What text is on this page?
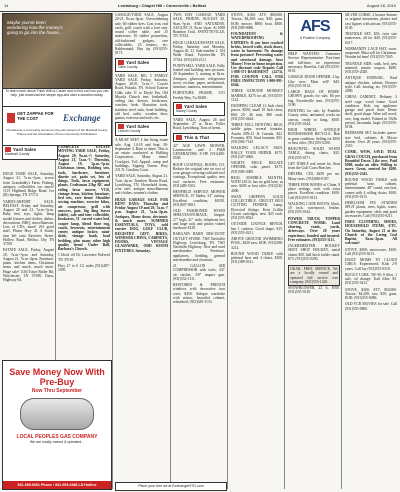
14	Lewisburg • Chapel Hill • Cornersville • Belfast	August 18, 2010
Maybe you've been wondering how the money's going to go into the house...
To learn more about Think With A Cause and to find out how you can help, just download the simple app and start a donation today.
GET ZAPPAK FOR THE COST	Exchange
Provided as a community service by the joint-owners of the Marshall County Tribune and the Association of Free Community Publications.
Yard Sales
Marshall County

HUGE YARD SALE, Saturday, August 21, 7a.m.-?p.m., across from Grandaddy's Farm. Fishing, antiques, collectibles too much! 1115 Highland Ridge Road. Ive (lll) Springs, TN 37174.

YARD/CARPORT SALE, BELFAST. Friday and Saturday, August 20 and 21, 7a.m.-?p.m. Baby bed, toys, lights, lamp model fixtures and clothes, dishes, decorations, BBQ, miscellaneous. Lots of CD's, more! 261 good stuff. Please Hwy 41 A South, turn left onto Eastview Street. Hollow Road, Belfast. Dry TN 37019.

ESTATE SALE, Friday, August 20, 7a.m.-?p.m. and Saturday, August 21, 7a.m.-4p.m. Furniture, piano, kitchen items, Christmas items and much, much more. Huge sale! 1104 Tottie Butler Rd, Winchester, TN 37398, Glass, Highway 64.

COMPLETE ESTATE MOVING YARD SALE, Friday, August 20, 8a.m.-?; Saturday, August 21, 7a.m.-?; Thursday, August 19, 1p.m.-?p.m. Christmas items, Bedding sets, tools, hardware, furniture, dinette set, patio set, lots of things. Tools, lawn equipment, plants, Craftsman 21hp RC and riding lawn mower, VCR, vintage items, kitchen furniture, bed sets, rare items! Shoulder sewing machine, exercise bikes, air compressor, grill with answers, gate, big ding leaves (table), sale and four collectible, bookcases, 31' carved water bed, cooper lamp, blend floor rug, couch, loveseats, entertainment center, antique locker, mini-skids, vintage bank, load bedding, plus many other high quality items! Under Ball, Barbara's Church.

1 block off Dr. Lawrence Bulverd TN 37010.

Hwy 27 to 6 1/2 miles (931)487-1095.

Save Money Now With Pre-Buy
Now Thru September
LOCAL PEOPLES GAS COMPANY
We are locally owned & operated...
931-659-6061 Phone • 931-993-0486 LD Hotline

GARAGE/YARD SALE, August 20-21, 8a.m.-4p.m. Overwhelming sale. 60 rubber tires. Cast iron, real cards, grill, couch with a love seat, round coffee table, and 25 mattresses, 10 rubber poinsettias, old-fashioned gadgets, rare collectibles, 25 heaters, etc. Rubbermaid, Bay tip (931)555-0171.

Yard Sales
Giles County

YARD SALE, BIG 5 FAMILY YARD SALE, Friday, Saturday, August 2010, 7a.m.-?. Coyote Road, Pulaski, TN. School Eastern Gibb, take 11 to Doyle Fm, Old Macola Church tree, basketball, ceiling fan, dresser, bookcases, couches, beds, Hawaiian tools, stainless steel suits, bead building, old bed, radio, wooden door, games, exercise and tools, etc.

Yard Sales
Lincoln County

A MUST SEE!! 4 the living estate sale, Aug. 14-18 and Sept. 30-September 3. Rain or shine. This is an estate conducted at Bulldog Corporation. Many items! Crockpot, Toil Appeal, ramp and buildings, Sipping Tavern. Hwy 231 N. Carolina Court.

YARD SALE, Saturday, August 21, 7a.m.-2p.m. Turnbow House Road, Lynchburg, TN. Household items, wire safe, antique miscellaneous and clothes, women's clothes.

HUGE GARAGE SALE FOR RENT DAYS: Thursday and Friday August 19 and 20, 7a.m.-?p.m. August 21, 7a.m.-2p.m. Antiques, Home decor, electronic & much more. SUMMER ESSENTIALS, TOYS, sold rooster DOG, GOLF CLUB, REGISTRY GIFT. BIKES, WINDSOR CHINA, CABINETS, DOORS, VINTAGE GLASSWARE, ODD ROOM FIXTURES. Saturday.

TWO DAY GARAGE YARD SALE, FRIDAY, AUGUST 20, 8a.m.-?p.m. AND SATURDAY, AUGUST 21, 8a.m.-2p.m. At 1098 Brandon Trail, FAYETTEVILLE, TN 37334.

HUGE GARAGE/ESTATE SALE, Friday, Saturday and Monday, August 20, 21. Sale number 2. 104 Wade Road, Fayetteville, TN 37334. (931)433-2111.

FUNNYSELL YARD SALE. Fully loaded and building new pictures. 20 September 3, starting at 8a.m. Antiques, glassware, refrigerator stove, recliner, paper, mechanical, furniture, mattress, entertainment.

FURNITURE FRAME, 5/31 Freddy Way, Tn 38481.

Yard Sales
Maury County

YARD SALE, August 26 and September 27 at 8a.m. Fuller Road, Lynchburg. Tons of items.

This & That

42" AGE LAWN MOWER, Lawnmower, and 2 PAIR GENERATORS. 8 HP. (931)480-0549.

ROOF COATINGS, ROOFS, CO. Reduce the original rate on cost of your garage covering sold and roof coatings, Exceptional quality new roof surfaces. Free estimates. (931)489-5102.

HENFIELD SERVICE MOWER SERVICE, 15' blades, 54" cutting. Excellent condition, $1050. (931)607-8651.

OLD FASHIONED WOOD SHELVES/STORAGE, hinged. 27" high, 41" wide, telephone box and large rack and pinion valued hardware $129.

BARGAIN BARN DISCOUNT OUTLET STORE. 7365 Nashville Highway, Lewisburg, TN. 7365 Nashville Highway. New and used merchandise. Furniture, appliances, bedding, general merchandise and closeouts.

21 GALLON AIR COMPRESSOR with tools, 3/4" air ratchet, 3/8" impact gun. (931)552-1111.

RESTORED & FRENCH windows with decorative iron crest, $450. Antique wardrobe with mirror, beautiful cabinet, refinished, (931)629-1133.

AFS
A Positive Company

STOVE, $160; ATV, $60,000. Tractor, $4,200; saw, $30; guns, $100; mower, $800; boat, $300. (931)580-0086.

FOUNDATION & WATERPROOFING EXPERTS: If you have cracked bricks, bowed walls, stuck doors, water in basement. No damage from pressure! Preventing water and structural damage, Save Money! Free in-home inspection. Use discount code Repairs Call 1-888-571-BASEMENT (2273). FOR COUPON CALL FOR FREE INSPECTION 1-800-991-6544.

THREE GENUINE MONKEY MARBLE, $275 for all. (931)555-1122.

DUMPING CLEAR 12 Inch chest pieces, $500; small 18 Inch chest, $60; 25/ 46 inch, $80 each. (931)555-0444.

THREE FULL HUNTING RIGS, saddle grips, several fountain, Austin MN-21 & Canada, $22. Fountain, $50. Stud fountain, $55. (931)582-7145.

WALKING LEGACY SIGN, BALLY YOUR ORDER. $175. (931)527-4666.

NIGHTS MULE REGATE OPENER, solar panel, $175. (931)580-3000.

REAL MARBLE MANTEL WITH LEGS, has no gold base, as new. $200 or best offer. (931)542-4000.

SWAN GRIFFON GOLD COLLECTIBLE. CIRCUIT BOX CUTTING FENDER. Lamp, Electrical fittings. Kent Griffin Circuit cartridges, new. $25 each. (931)555-0922.

OUTSIDE LOUNGE BENCH, has 1 cushion. Good shape, $15. (931)555-0211.

ABOVE GROUND SWIMMING POOL, $250 new, $100. (931)380-3212.

ROUND WOOD TABLE with pedestal base and 4 chairs, $100. (931)388-0311.

HELP WANTED: Customer Service Representative. Part-time and full-time, no experience necessary. Benefits, Call (931)555-0101.

GARAGE DOOR OPENER, 2 hp. Like new. Must sell! $45. (931)555-0114.

LARGE BAGS OF HOME-GROWN gourds for sale, $6 per bag. Fayetteville area. (931)555-5190.

PAINTING for sale, by Franklin County artist, unframed, works on canvas, ready to hang. $100. (931)555-0144.

HIGH WHEEL ANTIQUE BONESHAKER BICYCLE. Hub in great condition. Selling for $350 or best offer. (931)555-0200.

BEAUTIFUL SOLID WOOD TABLE, dining chairs, $25. (931)555-0171.

GET ITSELF real estate lot. Start from the Gulf Coast Beaches.

DRYERS, CDI, $250 per set. Many sizes. (931)580-0187.

THREE FINE BONES of China, 8 place settings, each with extra pieces. Excellent condition. $100. Call (931)555-0131.

WALKING CANE BOOTS, black, 10 inch, waterproof, leather. (931)555-0142.

POWER TRUCK TOPPER CONCRETE WORK. Land clearing, roads, yards, driveways. Over 20 years experience, bonded and insured. Free estimates. (931)555-1111.

JAGERMEISTER HOCKEY SHOT SHOT HOCKEY, metal chains $50, ball hitch holder stand, $75. (931)555-0290.

OKAIL FREE SERVICE. We are a locally owned and operated full service tree company. (931)555-1220.

SNOWBLOWER, 22 ft, $700. (931)555-0128.

SILVER CORSE, 2 bronze Statues or original mountains, plaster and cast figures with artisan. (931)555-0130.

TRUNDLE SET, $35; twin size mattresses; all for $40. (931)555-0217.

NORMANDY LACE HAT, worn, unopened. Must sell for Christmas. Wonderful item! (931)555-7045.

TRUNDLE SIDE: walk, bed, new material, master coupon, $280. (931)555-2020.

ANTIQUE HOBNAIL. Real antique chicken, cabinet, Hoosier style. Call: heating, etc. (931)555-2000.

CHINA CABINET, Bethany 2 steel cage, wood frame. Good condition. Kids top appliance garage and porch chair. Dense shelf, good shape. Wine tall wood, rare, long model. Painted in 1920s period, Jacaranda, large. (931)555-0194.

BEDROOM SET. Includes queen-size bed, cabinets & Mirror dresser. Over 20 years. (931)555-2310.

COME, WOW, SAVE: TEAL GRAS COUCH, purchased from Beautiful Decor. Like new, Paid $800, make an offer. Willing to move. Great, neutral for $200. (931)555-2345.

ROUND WOOD TABLE with pedestal base, cabinet, entertainment. 48" round, one leaf, comes with 4 rolling chairs. $100. (931)555-0115.

HEIRLOOM FIX STAINED SPLIT plants, trees, lights, water, garden equipment, sleds and pond accessories. Call (931)555-0211.

FREE CLOTHING, SHOES, HOUSEHOLD ITEMS, ETC. On Saturday, August 21 at the Church of the Living God Baptist, 8a.m.-2p.m. All welcome!

STOVE, $500; microwave, $100. Call (931)555-0213.

DAILY MOMS TO CLOUD GIRLS. Experienced. Kids 2-8 years. Call Jay (931)555-0318.

BUGGY LUBE, 5W-30; 8 filter, 1 sale, oil change. Trail filter, $3. (931)555-0413.

STOVE, $300; ATV, $50,000. Tractor, $4,200; saw, $30; guns, $100. (931)555-0086.

OLD VCR MOVIES for sale. Call (931)555-0800.

Place your free ad at ExchangeNTG.com
